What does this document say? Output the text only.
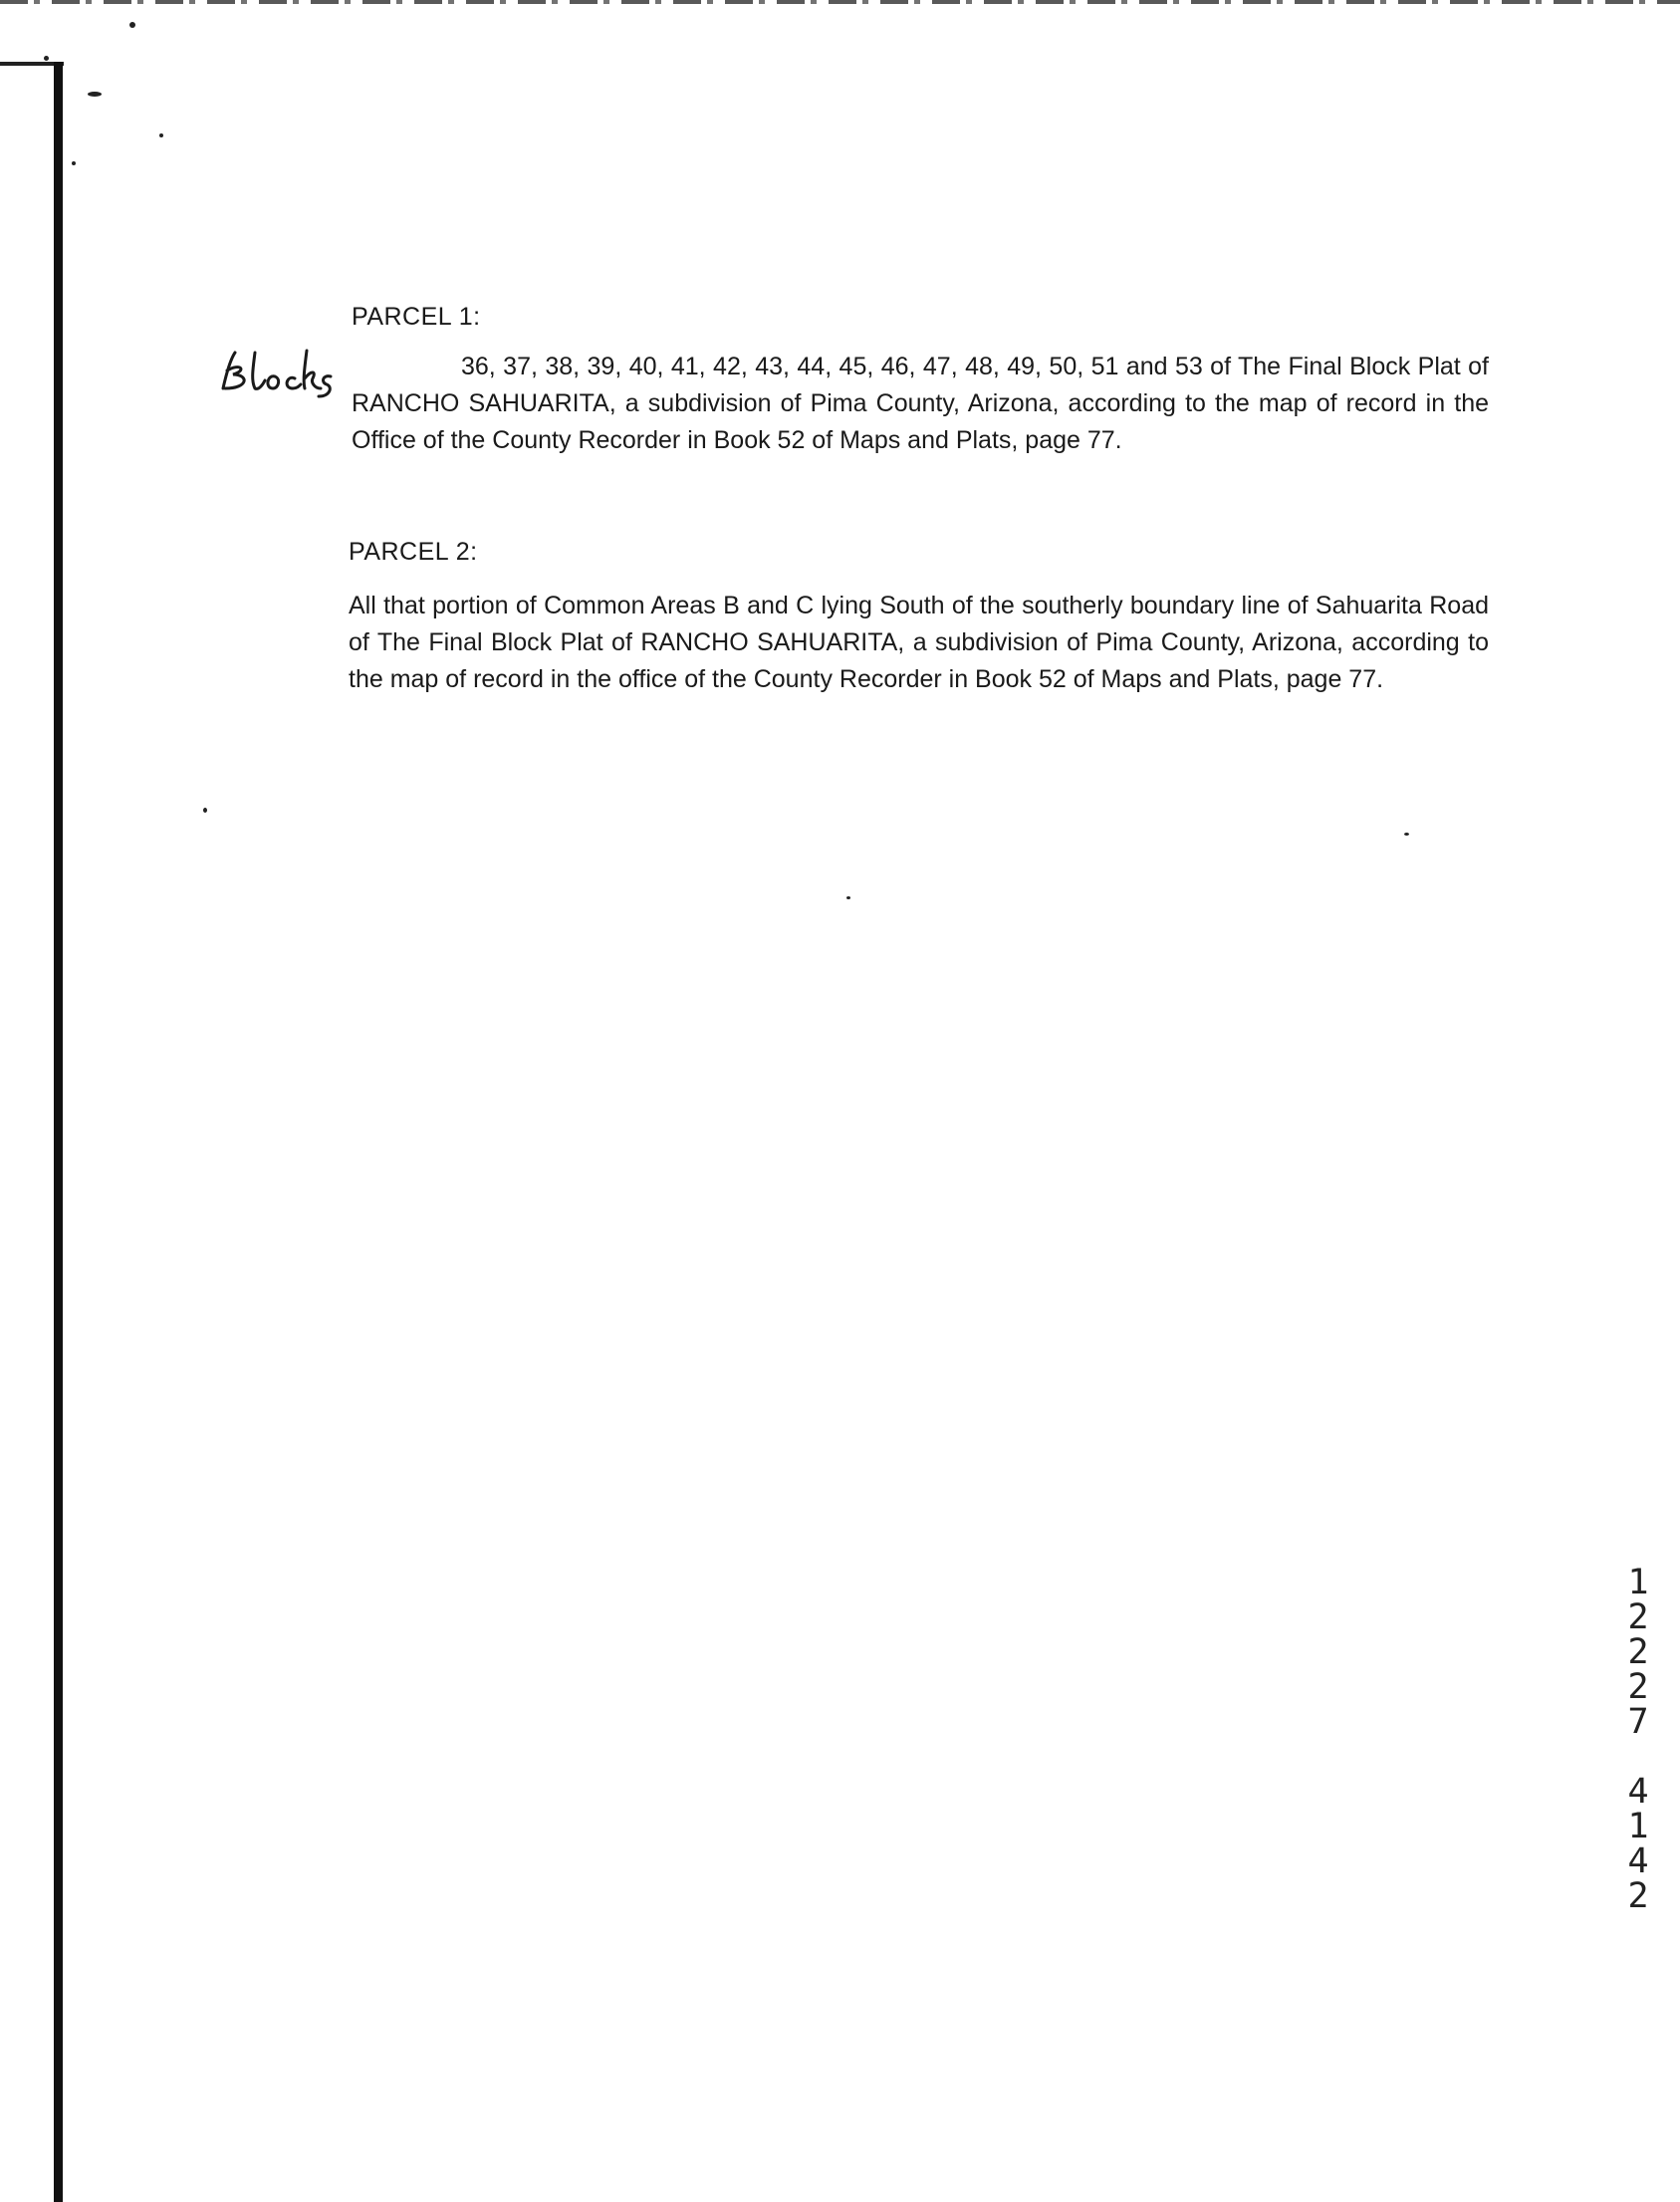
Blocks
PARCEL 1:
36, 37, 38, 39, 40, 41, 42, 43, 44, 45, 46, 47, 48, 49, 50, 51 and 53 of The Final Block Plat of RANCHO SAHUARITA, a subdivision of Pima County, Arizona, according to the map of record in the Office of the County Recorder in Book 52 of Maps and Plats, page 77.
PARCEL 2:
All that portion of Common Areas B and C lying South of the southerly boundary line of Sahuarita Road of The Final Block Plat of RANCHO SAHUARITA, a subdivision of Pima County, Arizona, according to the map of record in the office of the County Recorder in Book 52 of Maps and Plats, page 77.
1
2
2
2
7
4
1
4
2
